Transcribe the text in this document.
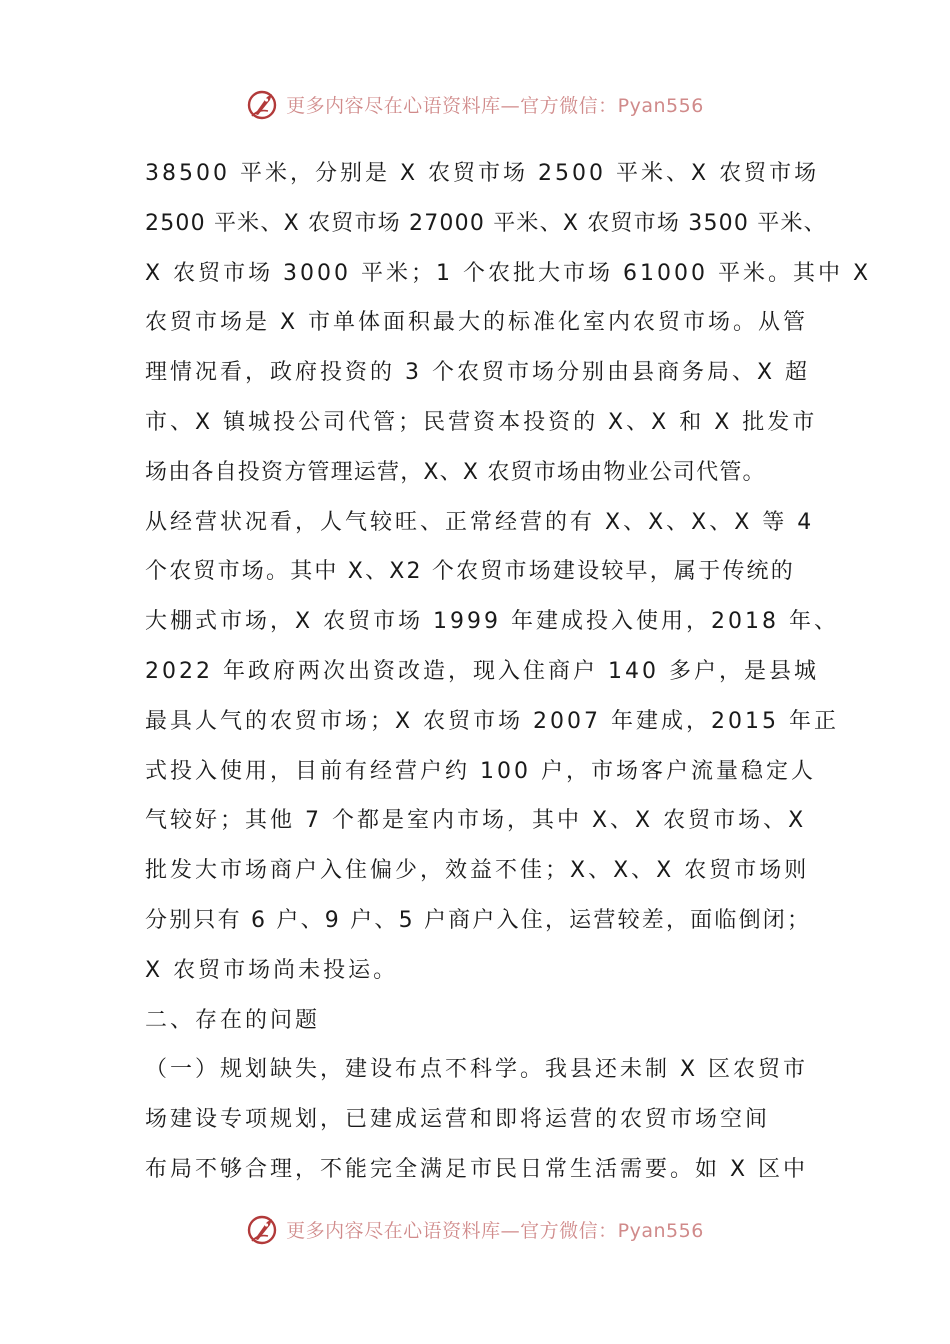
更多内容尽在心语资料库—官方微信：Pyan556
38500 平米，分别是 X 农贸市场 2500 平米、X 农贸市场
2500 平米、X 农贸市场 27000 平米、X 农贸市场 3500 平米、
X 农贸市场 3000 平米；1 个农批大市场 61000 平米。其中 X
农贸市场是 X 市单体面积最大的标准化室内农贸市场。从管
理情况看，政府投资的 3 个农贸市场分别由县商务局、X 超
市、X 镇城投公司代管；民营资本投资的 X、X 和 X 批发市
场由各自投资方管理运营，X、X 农贸市场由物业公司代管。
从经营状况看，人气较旺、正常经营的有 X、X、X、X 等 4
个农贸市场。其中 X、X2 个农贸市场建设较早，属于传统的
大棚式市场，X 农贸市场 1999 年建成投入使用，2018 年、
2022 年政府两次出资改造，现入住商户 140 多户，是县城
最具人气的农贸市场；X 农贸市场 2007 年建成，2015 年正
式投入使用，目前有经营户约 100 户，市场客户流量稳定人
气较好；其他 7 个都是室内市场，其中 X、X 农贸市场、X
批发大市场商户入住偏少，效益不佳；X、X、X 农贸市场则
分别只有 6 户、9 户、5 户商户入住，运营较差，面临倒闭；
X 农贸市场尚未投运。
二、存在的问题
（一）规划缺失，建设布点不科学。我县还未制 X 区农贸市
场建设专项规划，已建成运营和即将运营的农贸市场空间
布局不够合理，不能完全满足市民日常生活需要。如 X 区中
更多内容尽在心语资料库—官方微信：Pyan556
